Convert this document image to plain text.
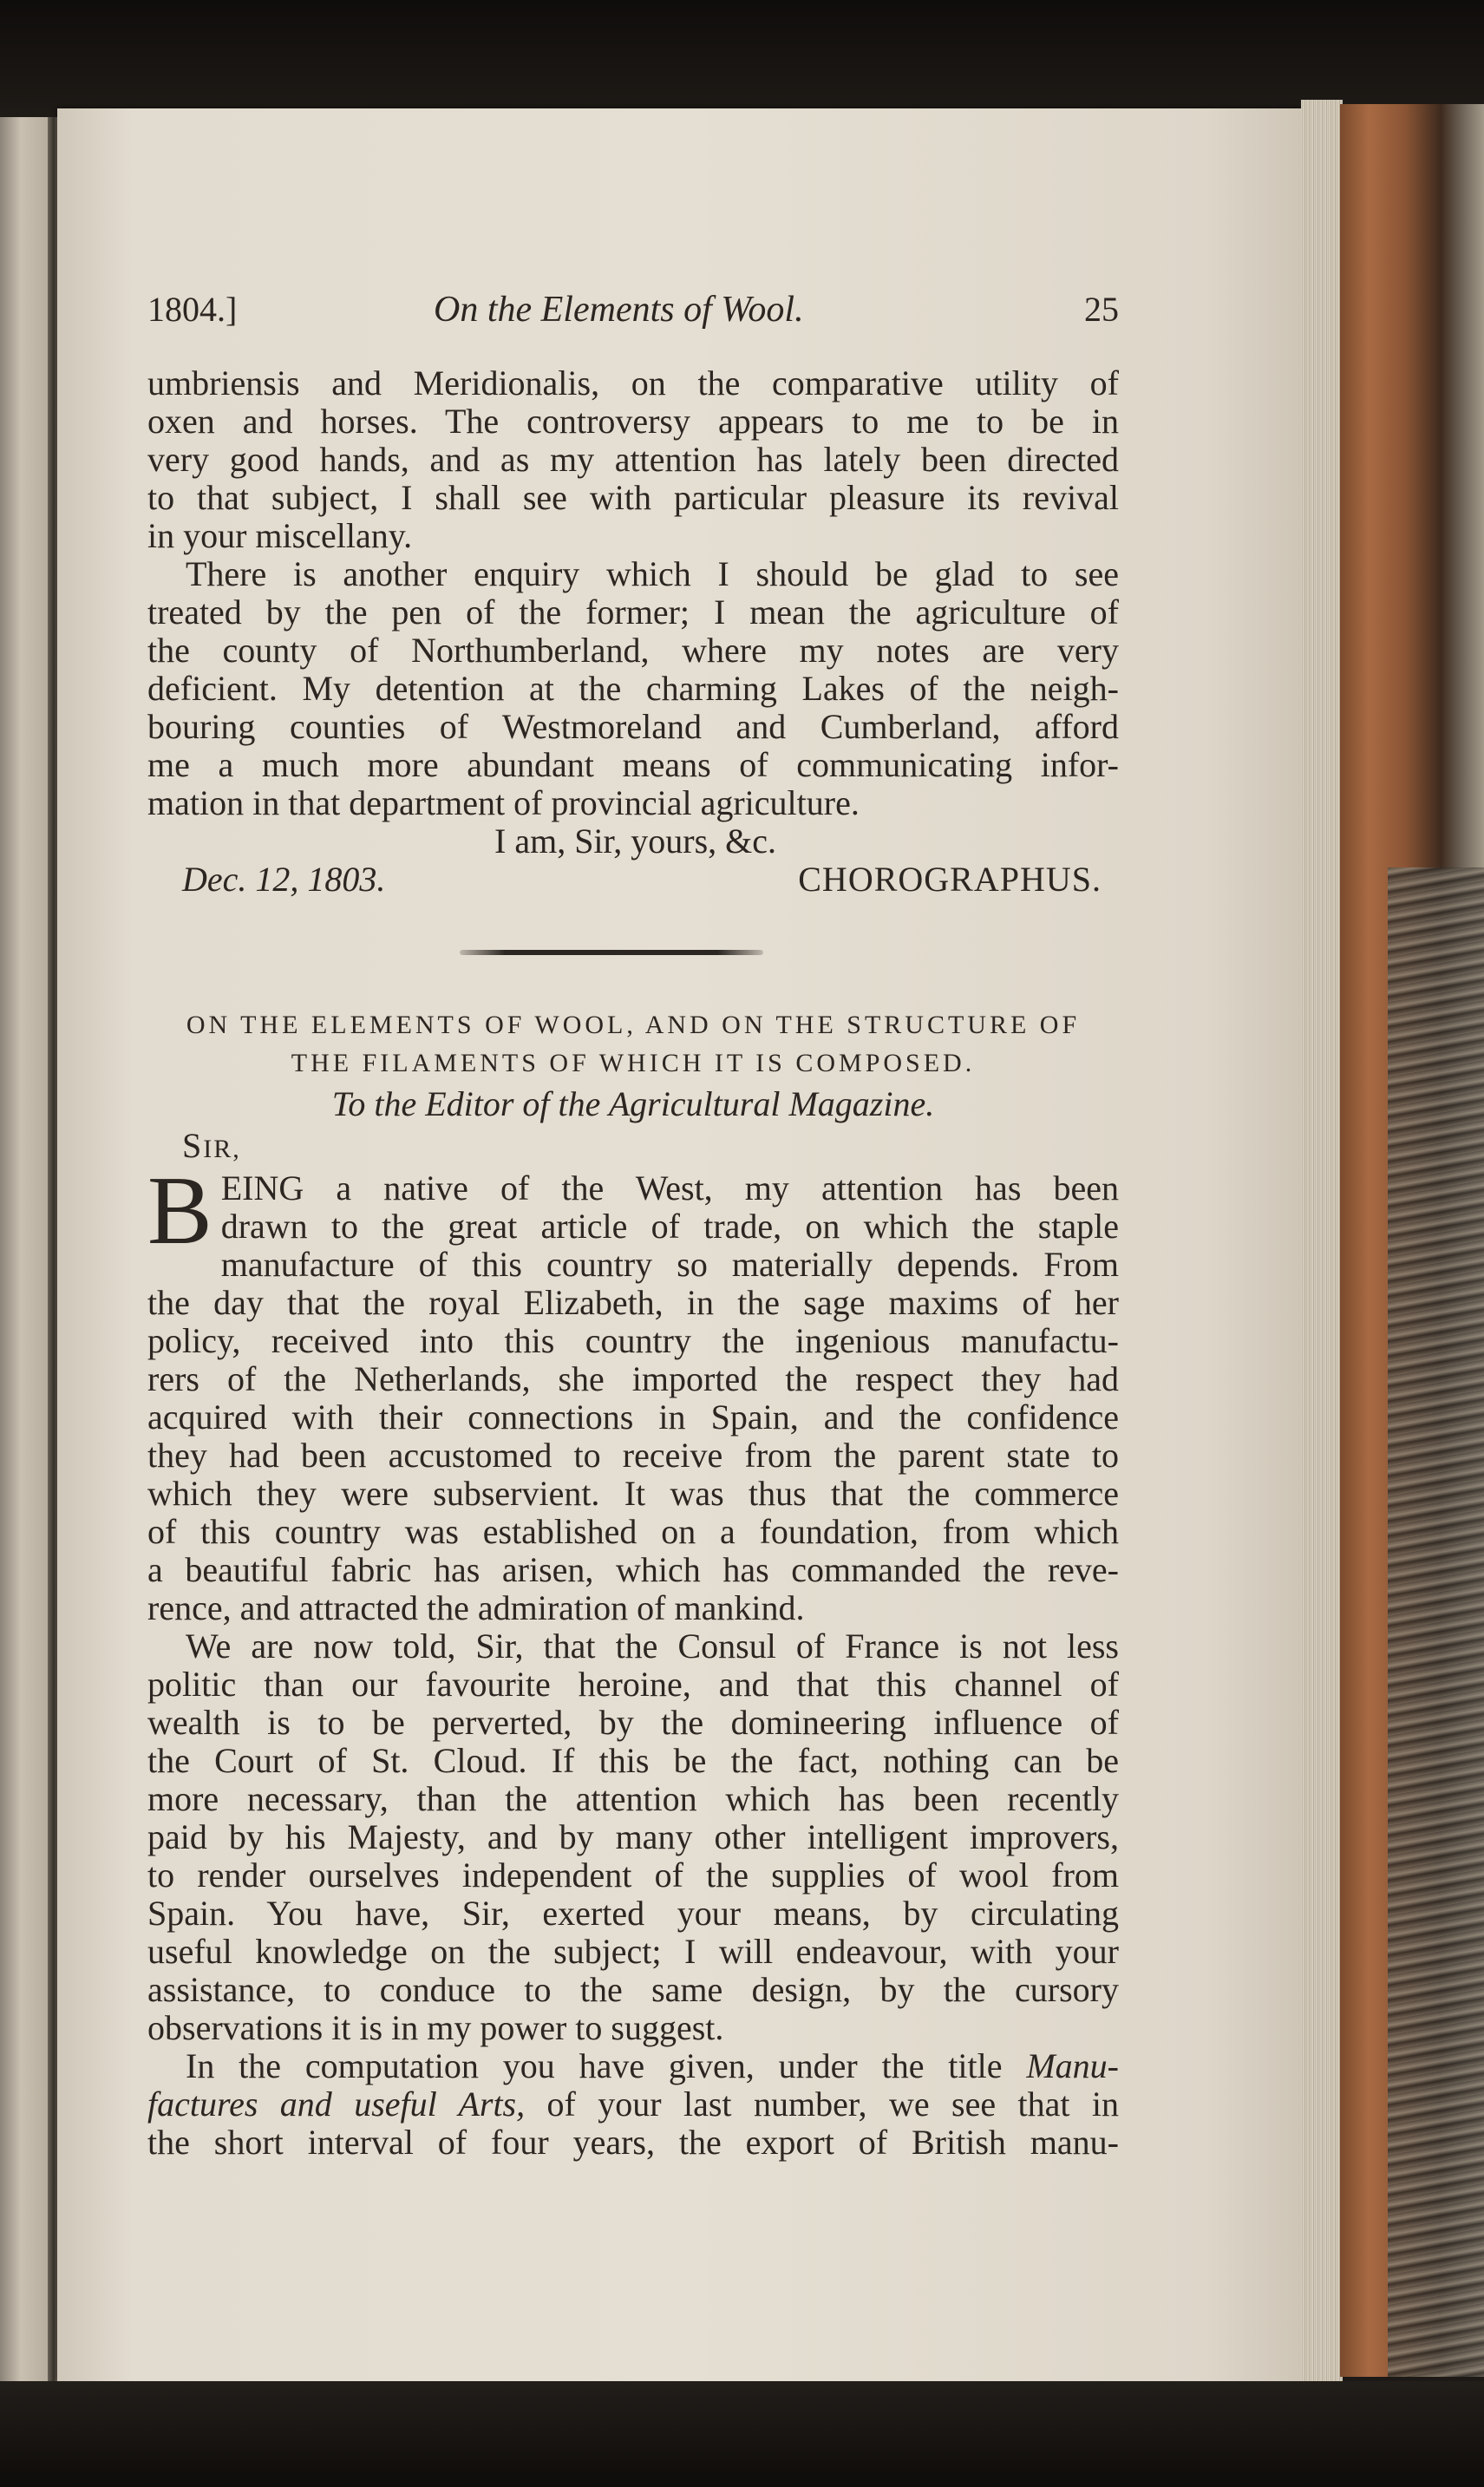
1804.]	On the Elements of Wool.	25

umbriensis and Meridionalis, on the comparative utility of
oxen and horses. The controversy appears to me to be in
very good hands, and as my attention has lately been directed
to that subject, I shall see with particular pleasure its revival
in your miscellany.

There is another enquiry which I should be glad to see
treated by the pen of the former; I mean the agriculture of
the county of Northumberland, where my notes are very
deficient. My detention at the charming Lakes of the neigh-
bouring counties of Westmoreland and Cumberland, afford
me a much more abundant means of communicating infor-
mation in that department of provincial agriculture.

I am, Sir, yours, &c.
Dec. 12, 1803.	CHOROGRAPHUS.

ON THE ELEMENTS OF WOOL, AND ON THE STRUCTURE OF
THE FILAMENTS OF WHICH IT IS COMPOSED.

To the Editor of the Agricultural Magazine.

SIR,

B EING a native of the West, my attention has been
drawn to the great article of trade, on which the staple
manufacture of this country so materially depends. From
the day that the royal Elizabeth, in the sage maxims of her
policy, received into this country the ingenious manufactu-
rers of the Netherlands, she imported the respect they had
acquired with their connections in Spain, and the confidence
they had been accustomed to receive from the parent state to
which they were subservient. It was thus that the commerce
of this country was established on a foundation, from which
a beautiful fabric has arisen, which has commanded the reve-
rence, and attracted the admiration of mankind.

We are now told, Sir, that the Consul of France is not less
politic than our favourite heroine, and that this channel of
wealth is to be perverted, by the domineering influence of
the Court of St. Cloud. If this be the fact, nothing can be
more necessary, than the attention which has been recently
paid by his Majesty, and by many other intelligent improvers,
to render ourselves independent of the supplies of wool from
Spain. You have, Sir, exerted your means, by circulating
useful knowledge on the subject; I will endeavour, with your
assistance, to conduce to the same design, by the cursory
observations it is in my power to suggest.

In the computation you have given, under the title Manu-
factures and useful Arts, of your last number, we see that in
the short interval of four years, the export of British manu-
